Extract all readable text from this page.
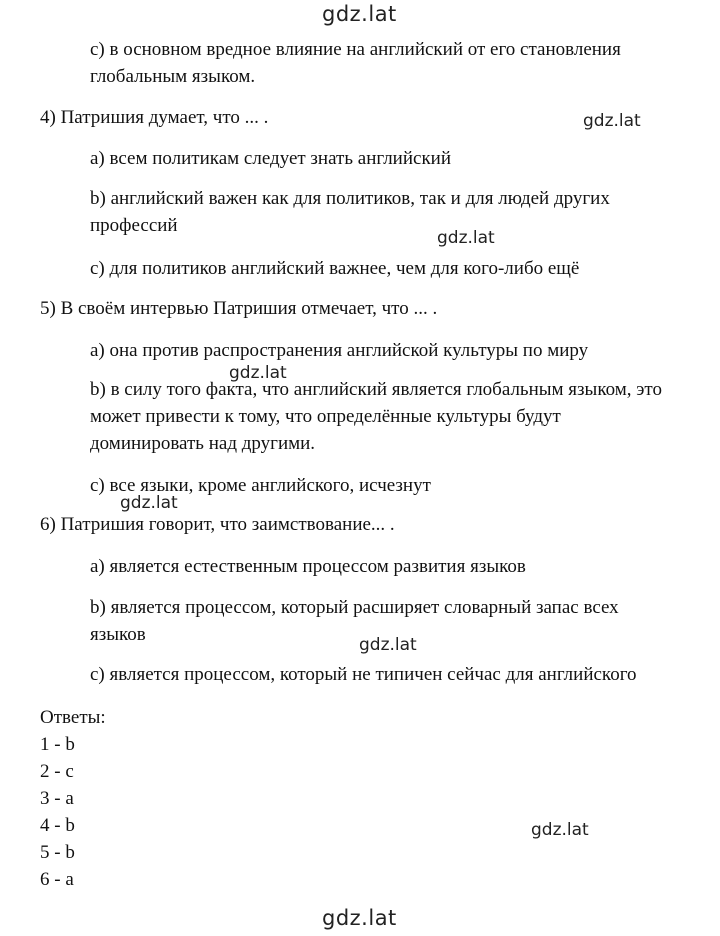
gdz.lat
gdz.lat
gdz.lat
gdz.lat
gdz.lat
gdz.lat
gdz.lat
gdz.lat
c) в основном вредное влияние на английский от его становления
глобальным языком.
4) Патришия думает, что ... .
a) всем политикам следует знать английский
b) английский важен как для политиков, так и для людей других
профессий
c) для политиков английский важнее, чем для кого-либо ещё
5) В своём интервью Патришия отмечает, что ... .
a) она против распространения английской культуры по миру
b) в силу того факта, что английский является глобальным языком, это
может привести к тому, что определённые культуры будут
доминировать над другими.
c) все языки, кроме английского, исчезнут
6) Патришия говорит, что заимствование... .
a) является естественным процессом развития языков
b) является процессом, который расширяет словарный запас всех
языков
c) является процессом, который не типичен сейчас для английского
Ответы:
1 - b
2 - c
3 - a
4 - b
5 - b
6 - a
